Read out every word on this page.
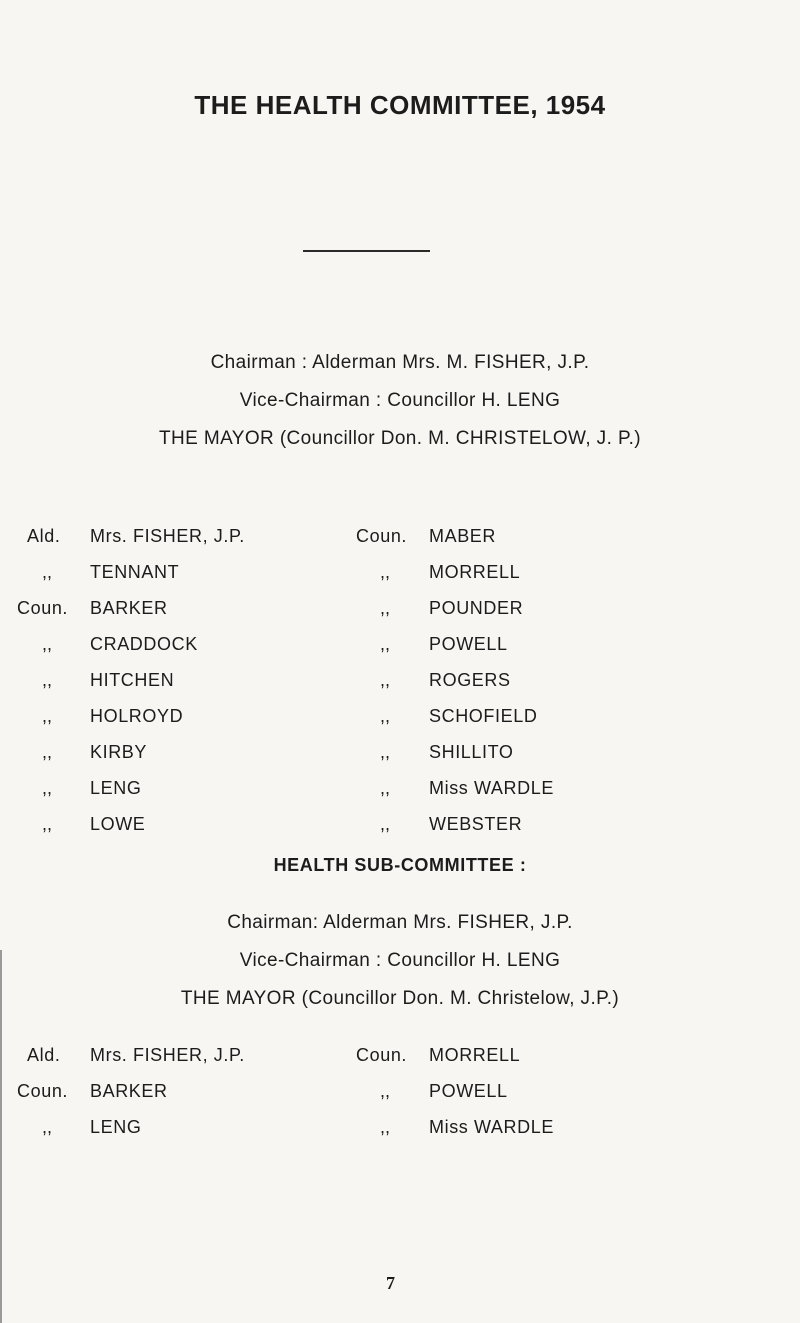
THE HEALTH COMMITTEE, 1954
Chairman : Alderman Mrs. M. FISHER, J.P.
Vice-Chairman : Councillor H. LENG
THE MAYOR (Councillor Don. M. CHRISTELOW, J. P.)
Ald. Mrs. FISHER, J.P.
,, TENNANT
Coun. BARKER
,, CRADDOCK
,, HITCHEN
,, HOLROYD
,, KIRBY
,, LENG
,, LOWE
Coun. MABER
,, MORRELL
,, POUNDER
,, POWELL
,, ROGERS
,, SCHOFIELD
,, SHILLITO
,, Miss WARDLE
,, WEBSTER
HEALTH SUB-COMMITTEE :
Chairman: Alderman Mrs. FISHER, J.P.
Vice-Chairman : Councillor H. LENG
THE MAYOR (Councillor Don. M. Christelow, J.P.)
Ald. Mrs. FISHER, J.P.
Coun. BARKER
,, LENG
Coun. MORRELL
,, POWELL
,, Miss WARDLE
7
